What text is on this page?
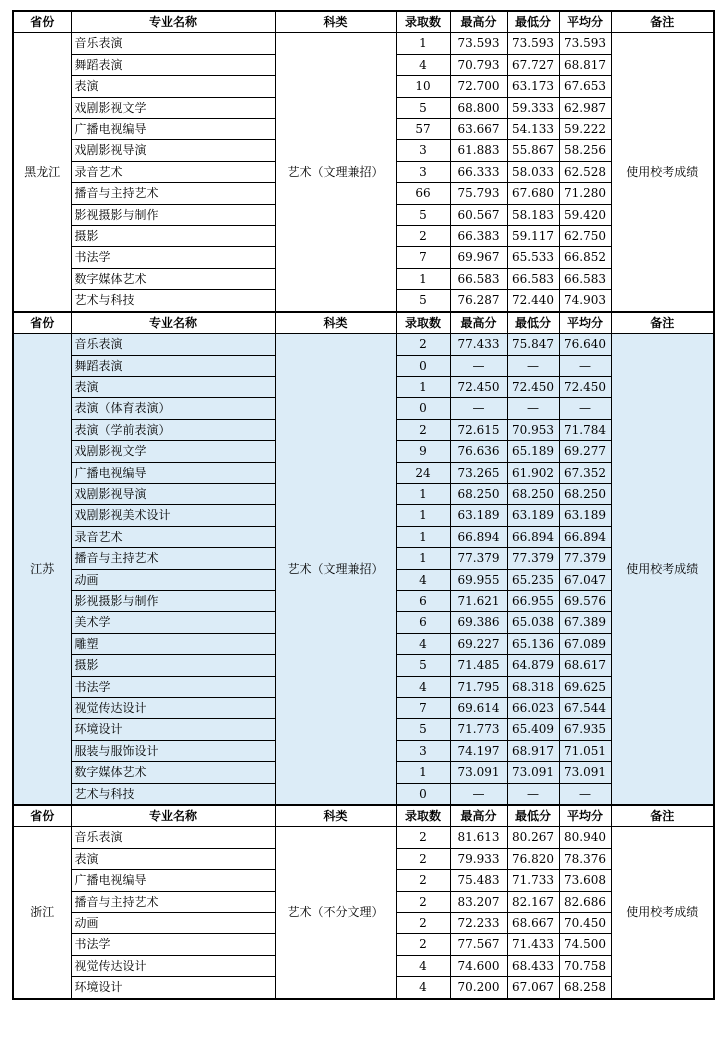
省份	专业名称	科类	录取数	最高分	最低分	平均分	备注
黑龙江	音乐表演	艺术（文理兼招）	1	73.593	73.593	73.593	使用校考成绩
	舞蹈表演		4	70.793	67.727	68.817	
	表演		10	72.700	63.173	67.653	
	戏剧影视文学		5	68.800	59.333	62.987	
	广播电视编导		57	63.667	54.133	59.222	
	戏剧影视导演		3	61.883	55.867	58.256	
	录音艺术		3	66.333	58.033	62.528	
	播音与主持艺术		66	75.793	67.680	71.280	
	影视摄影与制作		5	60.567	58.183	59.420	
	摄影		2	66.383	59.117	62.750	
	书法学		7	69.967	65.533	66.852	
	数字媒体艺术		1	66.583	66.583	66.583	
	艺术与科技		5	76.287	72.440	74.903	
省份	专业名称	科类	录取数	最高分	最低分	平均分	备注
江苏	音乐表演	艺术（文理兼招）	2	77.433	75.847	76.640	使用校考成绩
	舞蹈表演		0	—	—	—	
	表演		1	72.450	72.450	72.450	
	表演（体育表演）		0	—	—	—	
	表演（学前表演）		2	72.615	70.953	71.784	
	戏剧影视文学		9	76.636	65.189	69.277	
	广播电视编导		24	73.265	61.902	67.352	
	戏剧影视导演		1	68.250	68.250	68.250	
	戏剧影视美术设计		1	63.189	63.189	63.189	
	录音艺术		1	66.894	66.894	66.894	
	播音与主持艺术		1	77.379	77.379	77.379	
	动画		4	69.955	65.235	67.047	
	影视摄影与制作		6	71.621	66.955	69.576	
	美术学		6	69.386	65.038	67.389	
	雕塑		4	69.227	65.136	67.089	
	摄影		5	71.485	64.879	68.617	
	书法学		4	71.795	68.318	69.625	
	视觉传达设计		7	69.614	66.023	67.544	
	环境设计		5	71.773	65.409	67.935	
	服装与服饰设计		3	74.197	68.917	71.051	
	数字媒体艺术		1	73.091	73.091	73.091	
	艺术与科技		0	—	—	—	
省份	专业名称	科类	录取数	最高分	最低分	平均分	备注
浙江	音乐表演	艺术（不分文理）	2	81.613	80.267	80.940	使用校考成绩
	表演		2	79.933	76.820	78.376	
	广播电视编导		2	75.483	71.733	73.608	
	播音与主持艺术		2	83.207	82.167	82.686	
	动画		2	72.233	68.667	70.450	
	书法学		2	77.567	71.433	74.500	
	视觉传达设计		4	74.600	68.433	70.758	
	环境设计		4	70.200	67.067	68.258	
